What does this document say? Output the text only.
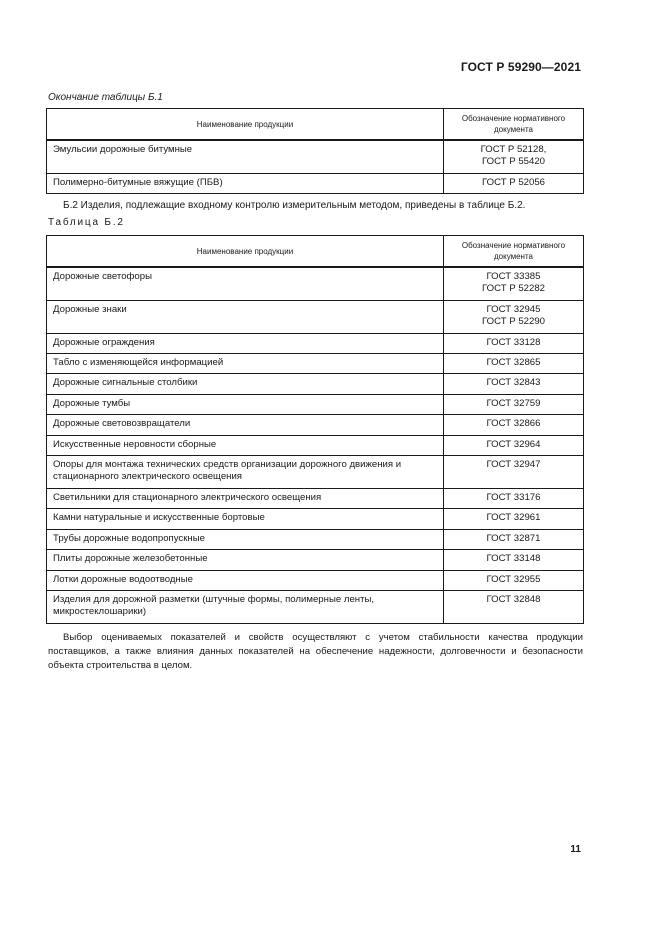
ГОСТ Р 59290—2021
Окончание таблицы Б.1
Наименование продукции	Обозначение нормативного документа
Эмульсии дорожные битумные	ГОСТ Р 52128,
ГОСТ Р 55420

Полимерно-битумные вяжущие (ПБВ)	ГОСТ Р 52056
Б.2 Изделия, подлежащие входному контролю измерительным методом, приведены в таблице Б.2.
Таблица Б.2
Наименование продукции	Обозначение нормативного документа
Дорожные светофоры	ГОСТ 33385
ГОСТ Р 52282

Дорожные знаки	ГОСТ 32945
ГОСТ Р 52290

Дорожные ограждения	ГОСТ 33128

Табло с изменяющейся информацией	ГОСТ 32865

Дорожные сигнальные столбики	ГОСТ 32843

Дорожные тумбы	ГОСТ 32759

Дорожные световозвращатели	ГОСТ 32866

Искусственные неровности сборные	ГОСТ 32964

Опоры для монтажа технических средств организации дорожного движения и стационарного электрического освещения	ГОСТ 32947

Светильники для стационарного электрического освещения	ГОСТ 33176

Камни натуральные и искусственные бортовые	ГОСТ 32961

Трубы дорожные водопропускные	ГОСТ 32871

Плиты дорожные железобетонные	ГОСТ 33148

Лотки дорожные водоотводные	ГОСТ 32955

Изделия для дорожной разметки (штучные формы, полимерные ленты, микростеклошарики)	ГОСТ 32848

Выбор оцениваемых показателей и свойств осуществляют с учетом стабильности качества продукции поставщиков, а также влияния данных показателей на обеспечение надежности, долговечности и безопасности объекта строительства в целом.

11
